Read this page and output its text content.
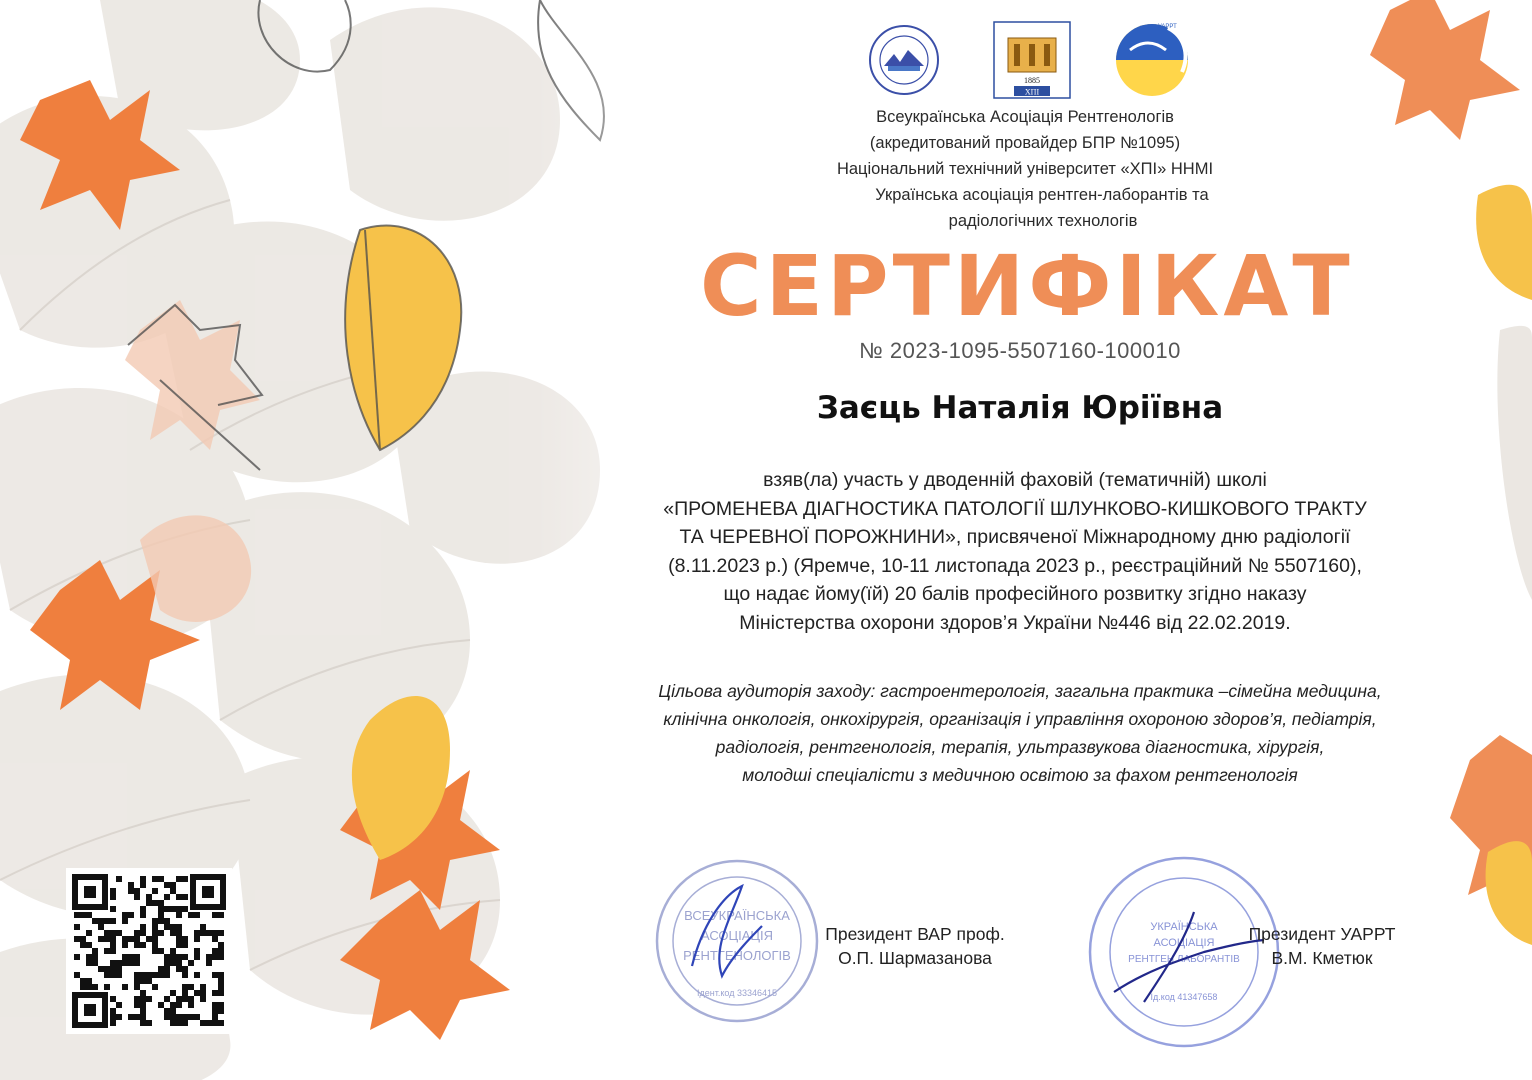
1885
ХПІ
УАРРТ
Всеукраїнська Асоціація Рентгенологів
(акредитований провайдер БПР №1095)
Національний технічний університет «ХПІ» ННМІ
Українська асоціація рентген-лаборантів та
радіологічних технологів
СЕРТИФІКАТ
№ 2023-1095-5507160-100010
Заєць Наталія Юріївна
взяв(ла) участь у дводенній фаховій (тематичній) школі
«ПРОМЕНЕВА ДІАГНОСТИКА ПАТОЛОГІЇ ШЛУНКОВО-КИШКОВОГО ТРАКТУ
ТА ЧЕРЕВНОЇ ПОРОЖНИНИ», присвяченої Міжнародному дню радіології
(8.11.2023 р.) (Яремче, 10-11 листопада 2023 р., реєстраційний № 5507160),
що надає йому(їй) 20 балів професійного розвитку згідно наказу
Міністерства охорони здоров’я України №446 від 22.02.2019.
Цільова аудиторія заходу: гастроентерологія, загальна практика –сімейна медицина,
клінічна онкологія, онкохірургія, організація і управління охороною здоров’я, педіатрія,
радіологія, рентгенологія, терапія, ультразвукова діагностика, хірургія,
молодші спеціалісти з медичною освітою за фахом рентгенологія
ВСЕУКРАЇНСЬКА
АСОЦІАЦІЯ
РЕНТГЕНОЛОГІВ
Ідент.код 33346415
Президент ВАР проф.
О.П. Шармазанова
УКРАЇНСЬКА
АСОЦІАЦІЯ
РЕНТГЕН ЛАБОРАНТІВ
Ід.код 41347658
Президент УАРРТ
В.М. Кметюк
